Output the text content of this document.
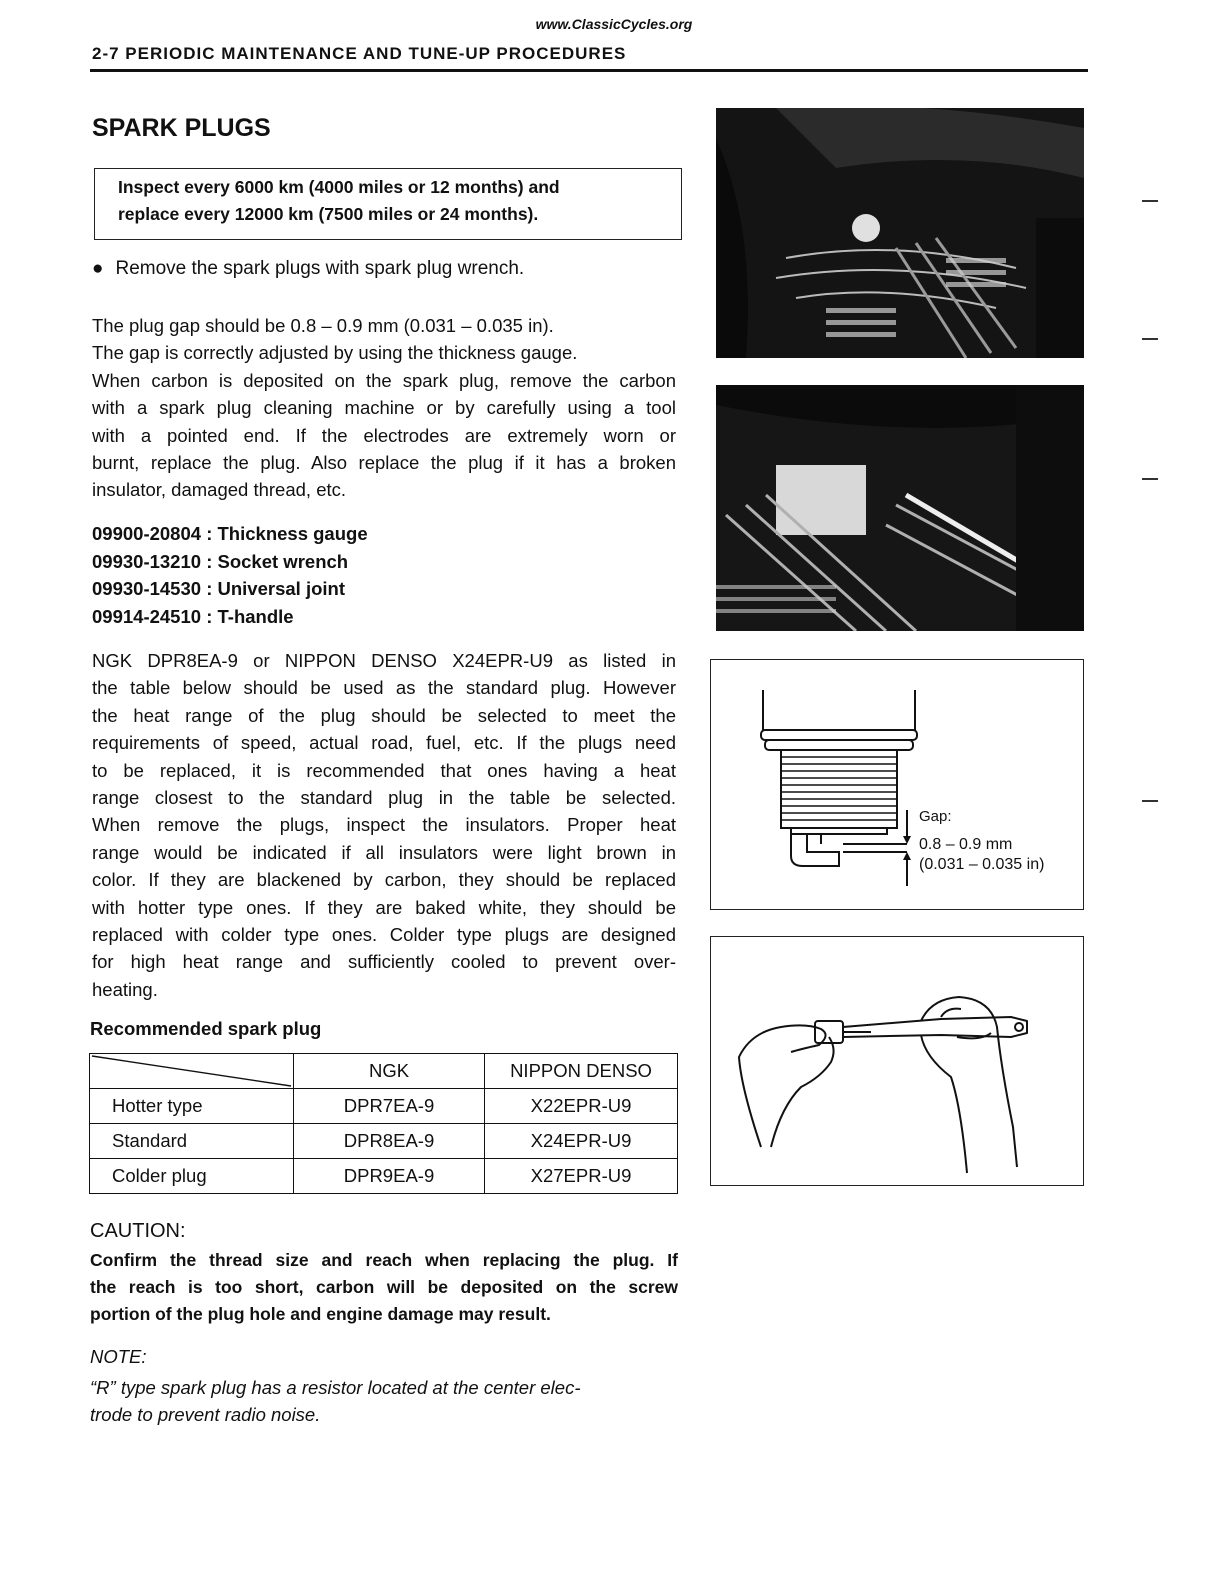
www.ClassicCycles.org
2-7 PERIODIC MAINTENANCE AND TUNE-UP PROCEDURES
SPARK PLUGS

Inspect every 6000 km (4000 miles or 12 months) and

replace every 12000 km (7500 miles or 24 months).

● Remove the spark plugs with spark plug wrench.
The plug gap should be 0.8 – 0.9 mm (0.031 – 0.035 in).
The gap is correctly adjusted by using the thickness gauge.
When carbon is deposited on the spark plug, remove the carbon
with a spark plug cleaning machine or by carefully using a tool
with a pointed end. If the electrodes are extremely worn or
burnt, replace the plug. Also replace the plug if it has a broken
insulator, damaged thread, etc.
09900-20804 : Thickness gauge
09930-13210 : Socket wrench
09930-14530 : Universal joint
09914-24510 : T-handle
NGK DPR8EA-9 or NIPPON DENSO X24EPR-U9 as listed in
the table below should be used as the standard plug. However
the heat range of the plug should be selected to meet the
requirements of speed, actual road, fuel, etc. If the plugs need
to be replaced, it is recommended that ones having a heat
range closest to the standard plug in the table be selected.
When remove the plugs, inspect the insulators. Proper heat
range would be indicated if all insulators were light brown in
color. If they are blackened by carbon, they should be replaced
with hotter type ones. If they are baked white, they should be
replaced with colder type ones. Colder type plugs are designed
for high heat range and sufficiently cooled to prevent over-
heating.
Recommended spark plug
	NGK	NIPPON DENSO
Hotter type	DPR7EA-9	X22EPR-U9
Standard	DPR8EA-9	X24EPR-U9
Colder plug	DPR9EA-9	X27EPR-U9
CAUTION:
Confirm the thread size and reach when replacing the plug. If
the reach is too short, carbon will be deposited on the screw
portion of the plug hole and engine damage may result.
NOTE:
“R” type spark plug has a resistor located at the center elec-
trode to prevent radio noise.
Gap:
0.8 – 0.9 mm
(0.031 – 0.035 in)
